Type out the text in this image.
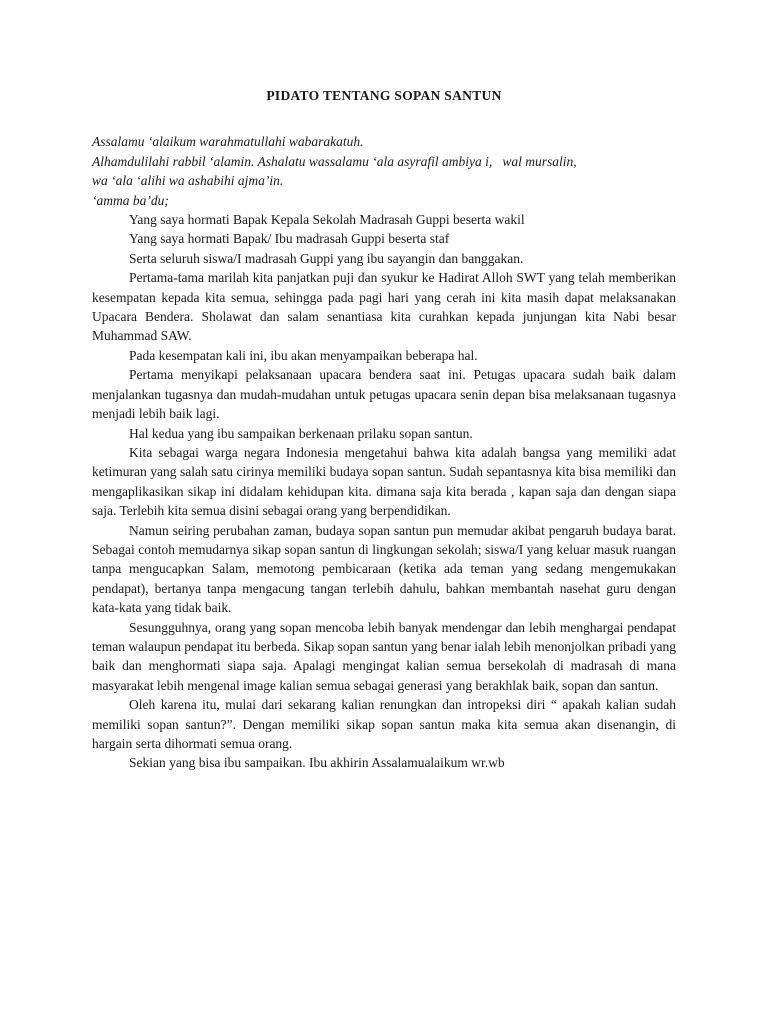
PIDATO TENTANG SOPAN SANTUN

Assalamu ‘alaikum warahmatullahi wabarakatuh.

Alhamdulilahi rabbil ‘alamin. Ashalatu wassalamu ‘ala asyrafil ambiya i,   wal mursalin,

wa ‘ala ‘alihi wa ashabihi ajma’in.

‘amma ba’du;

Yang saya hormati Bapak Kepala Sekolah Madrasah Guppi beserta wakil

Yang saya hormati Bapak/ Ibu madrasah Guppi beserta staf

Serta seluruh siswa/I madrasah Guppi yang ibu sayangin dan banggakan.

Pertama-tama marilah kita panjatkan puji dan syukur ke Hadirat Alloh SWT yang telah memberikan kesempatan kepada kita semua, sehingga pada pagi hari yang cerah ini kita masih dapat melaksanakan Upacara Bendera. Sholawat dan salam senantiasa kita curahkan kepada junjungan kita Nabi besar Muhammad SAW.

Pada kesempatan kali ini, ibu akan menyampaikan beberapa hal.

Pertama menyikapi pelaksanaan upacara bendera saat ini. Petugas upacara sudah baik dalam menjalankan tugasnya dan mudah-mudahan untuk petugas upacara senin depan bisa melaksanaan tugasnya menjadi lebih baik lagi.

Hal kedua yang ibu sampaikan berkenaan prilaku sopan santun.

Kita sebagai warga negara Indonesia mengetahui bahwa kita adalah bangsa yang memiliki adat ketimuran yang salah satu cirinya memiliki budaya sopan santun. Sudah sepantasnya kita bisa memiliki dan mengaplikasikan sikap ini didalam kehidupan kita. dimana saja kita berada , kapan saja dan dengan siapa saja. Terlebih kita semua disini sebagai orang yang berpendidikan.

Namun seiring perubahan zaman, budaya sopan santun pun memudar akibat pengaruh budaya barat. Sebagai contoh memudarnya sikap sopan santun di lingkungan sekolah; siswa/I yang keluar masuk ruangan tanpa mengucapkan Salam, memotong pembicaraan (ketika ada teman yang sedang mengemukakan pendapat), bertanya tanpa mengacung tangan terlebih dahulu, bahkan membantah nasehat guru dengan kata-kata yang tidak baik.

Sesungguhnya, orang yang sopan mencoba lebih banyak mendengar dan lebih menghargai pendapat teman walaupun pendapat itu berbeda. Sikap sopan santun yang benar ialah lebih menonjolkan pribadi yang baik dan menghormati siapa saja. Apalagi mengingat kalian semua bersekolah di madrasah di mana masyarakat lebih mengenal image kalian semua sebagai generasi yang berakhlak baik, sopan dan santun.

Oleh karena itu, mulai dari sekarang kalian renungkan dan intropeksi diri “ apakah kalian sudah memiliki sopan santun?”. Dengan memiliki sikap sopan santun maka kita semua akan disenangin, di hargain serta dihormati semua orang.

Sekian yang bisa ibu sampaikan. Ibu akhirin Assalamualaikum wr.wb
